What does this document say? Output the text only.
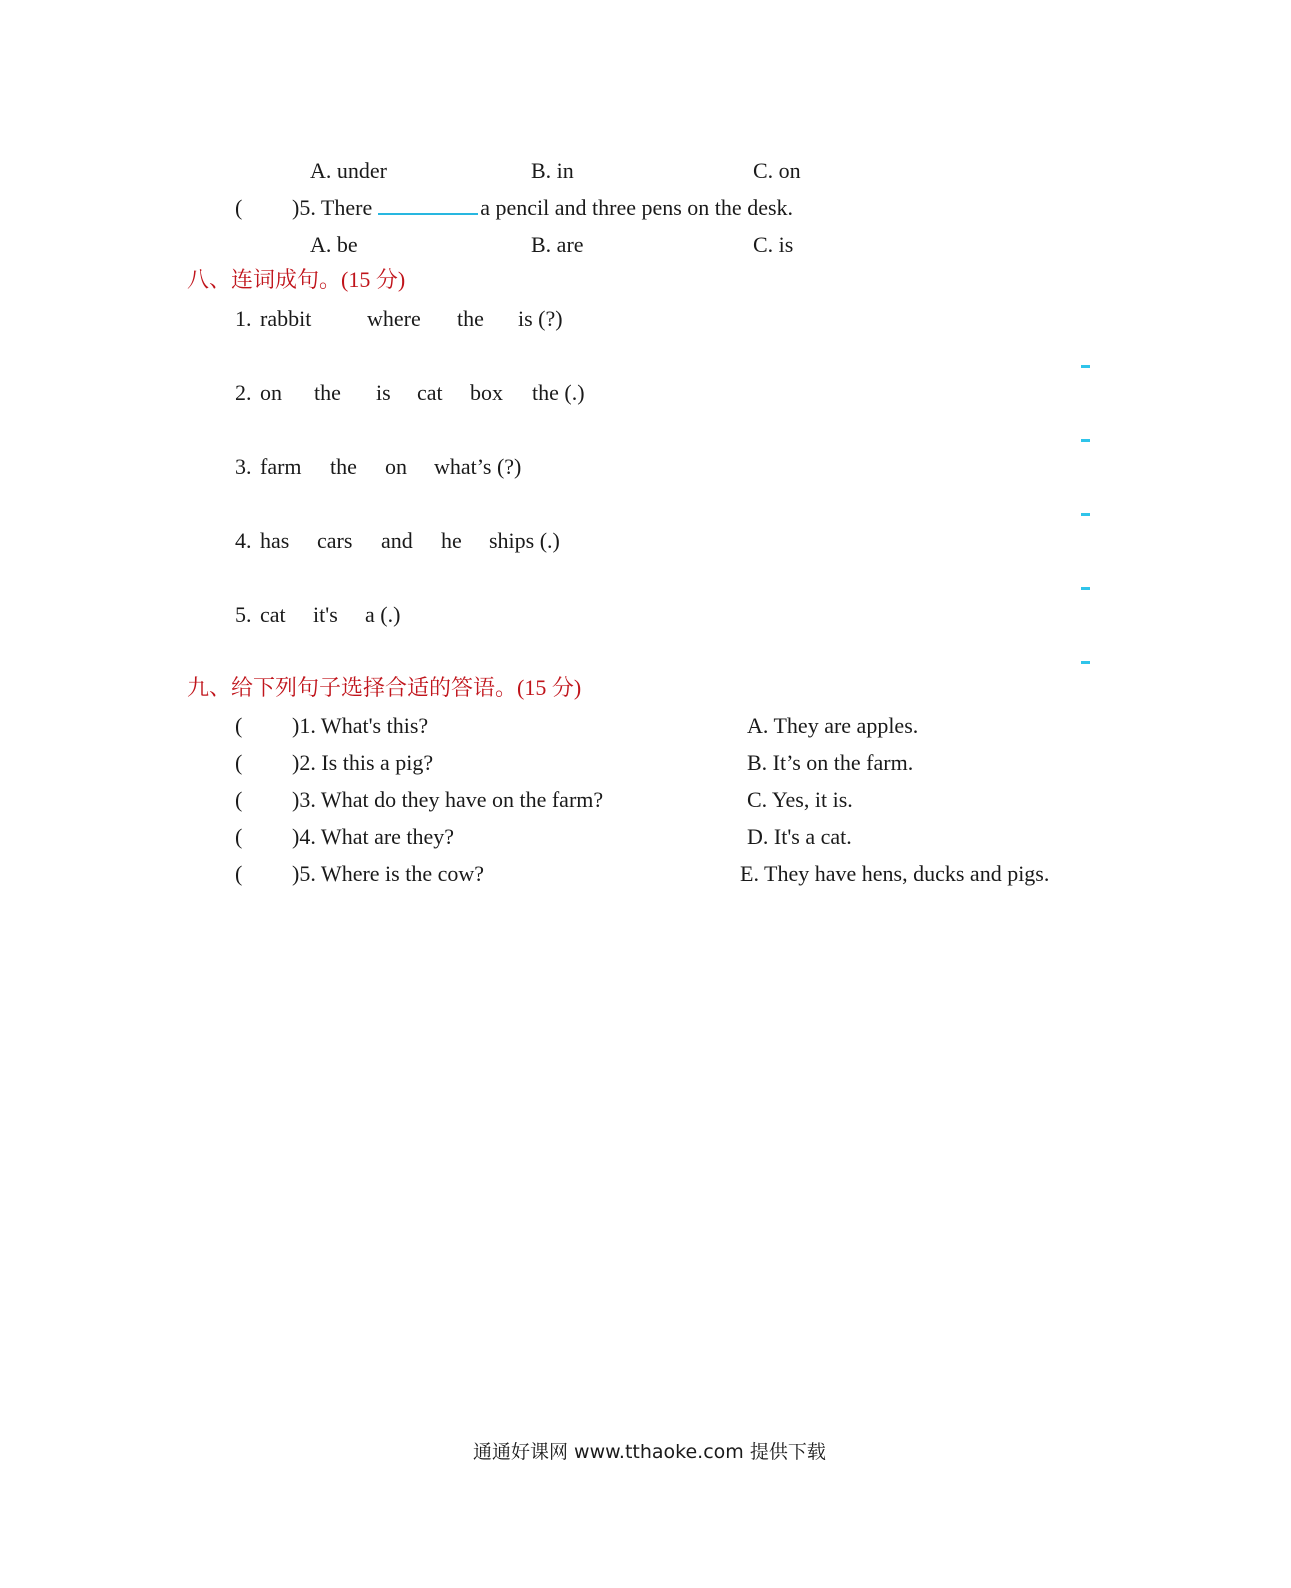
A. under	B. in	C. on
( )5. There	a pencil and three pens on the desk.
A. be	B. are	C. is
八、连词成句。(15 分)
1. rabbit	where the is (?)
2. on the is cat box the (.)
3. farm the on what’s (?)
4. has cars and he ships (.)
5. cat it's a (.)
九、给下列句子选择合适的答语。(15 分)
( )1. What's this?	A. They are apples.
( )2. Is this a pig?	B. It’s on the farm.
( )3. What do they have on the farm?	C. Yes, it is.
( )4. What are they?	D. It's a cat.
( )5. Where is the cow?	E. They have hens, ducks and pigs.
通通好课网 www.tthaoke.com 提供下载
